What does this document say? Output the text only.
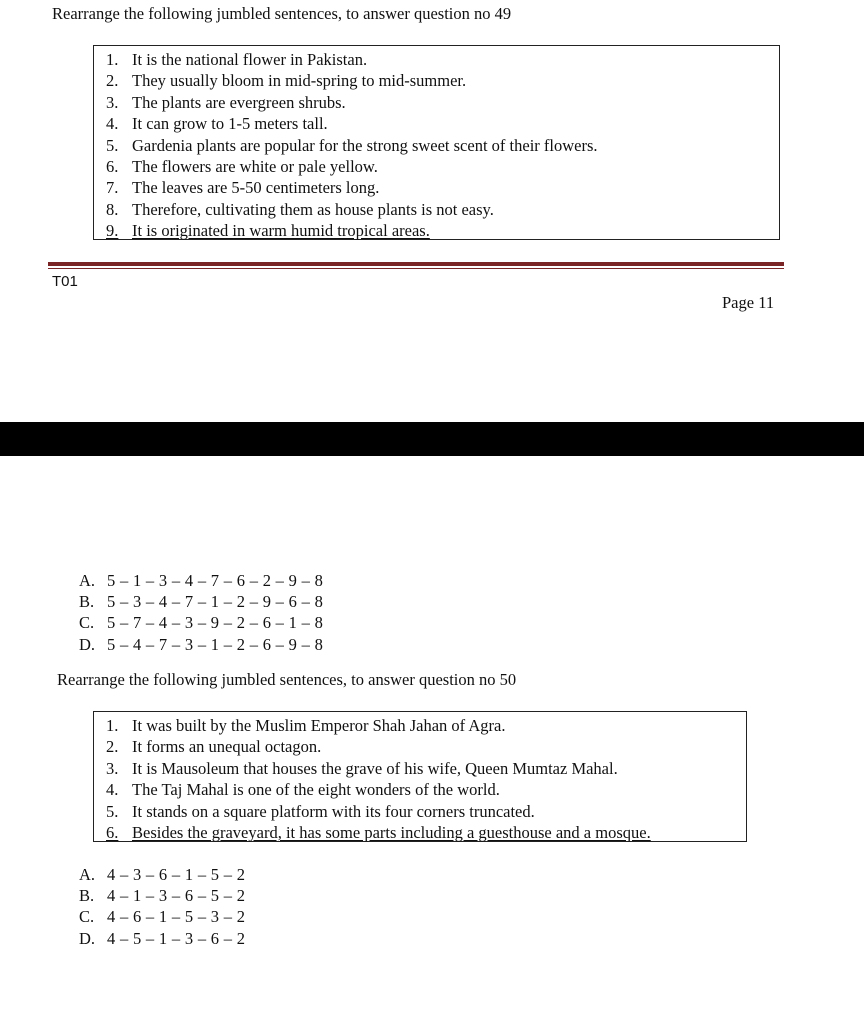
Rearrange the following jumbled sentences, to answer question no 49
1. It is the national flower in Pakistan.
2. They usually bloom in mid-spring to mid-summer.
3. The plants are evergreen shrubs.
4. It can grow to 1-5 meters tall.
5. Gardenia plants are popular for the strong sweet scent of their flowers.
6. The flowers are white or pale yellow.
7. The leaves are 5-50 centimeters long.
8. Therefore, cultivating them as house plants is not easy.
9. It is originated in warm humid tropical areas.
T01
Page 11
A. 5 – 1 – 3 – 4 – 7 – 6 – 2 – 9 – 8
B. 5 – 3 – 4 – 7 – 1 – 2 – 9 – 6 – 8
C. 5 – 7 – 4 – 3 – 9 – 2 – 6 – 1 – 8
D. 5 – 4 – 7 – 3 – 1 – 2 – 6 – 9 – 8
Rearrange the following jumbled sentences, to answer question no 50
1. It was built by the Muslim Emperor Shah Jahan of Agra.
2. It forms an unequal octagon.
3. It is Mausoleum that houses the grave of his wife, Queen Mumtaz Mahal.
4. The Taj Mahal is one of the eight wonders of the world.
5. It stands on a square platform with its four corners truncated.
6. Besides the graveyard, it has some parts including a guesthouse and a mosque.
A. 4 – 3 – 6 – 1 – 5 – 2
B. 4 – 1 – 3 – 6 – 5 – 2
C. 4 – 6 – 1 – 5 – 3 – 2
D. 4 – 5 – 1 – 3 – 6 – 2
